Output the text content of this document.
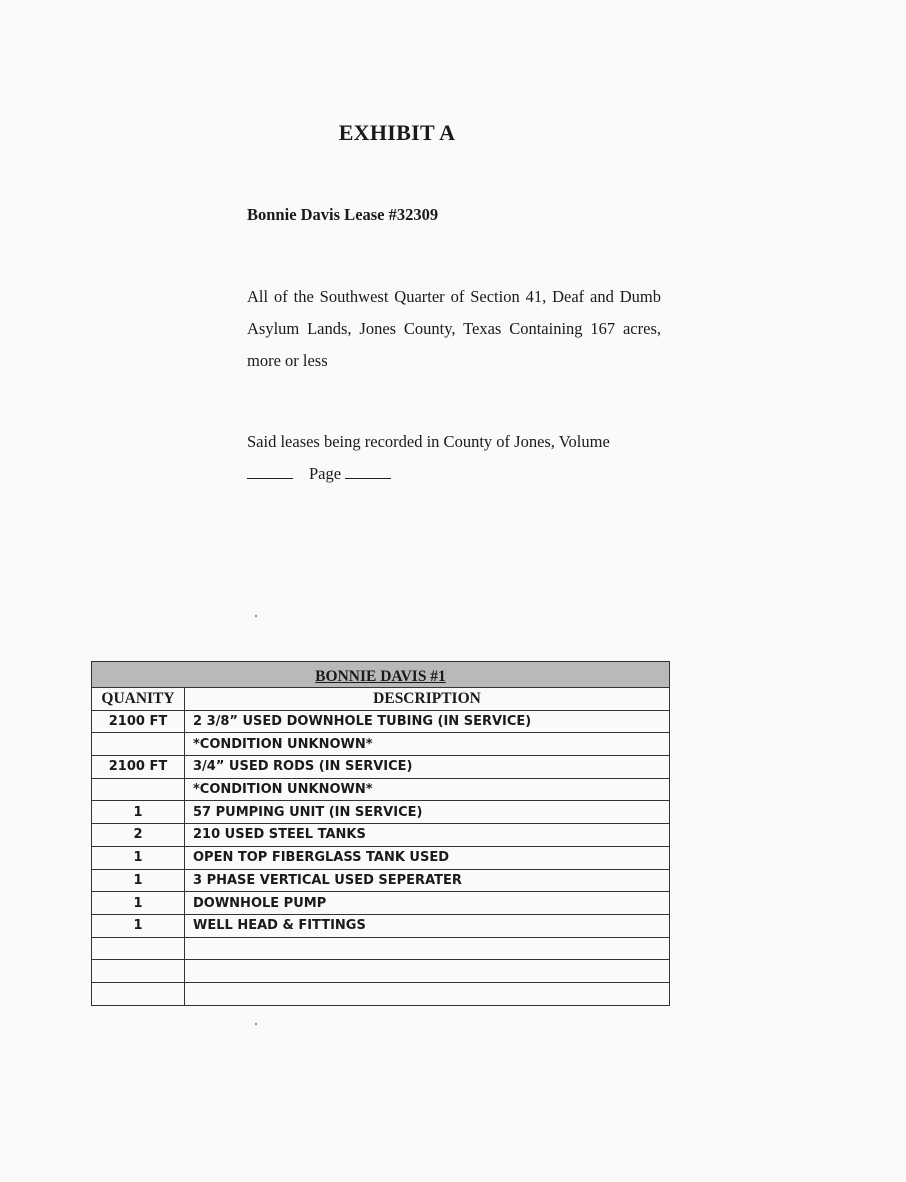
EXHIBIT A
Bonnie Davis Lease #32309
All of the Southwest Quarter of Section 41, Deaf and Dumb Asylum Lands, Jones County, Texas Containing 167 acres, more or less
Said leases being recorded in County of Jones, Volume
Page
BONNIE DAVIS #1	
QUANITY	DESCRIPTION
2100 FT	2 3/8” USED DOWNHOLE TUBING (IN SERVICE)
	*CONDITION UNKNOWN*
2100 FT	3/4” USED RODS (IN SERVICE)
	*CONDITION UNKNOWN*
1	57 PUMPING UNIT (IN SERVICE)
2	210 USED STEEL TANKS
1	OPEN TOP FIBERGLASS TANK USED
1	3 PHASE VERTICAL USED SEPERATER
1	DOWNHOLE PUMP
1	WELL HEAD & FITTINGS
